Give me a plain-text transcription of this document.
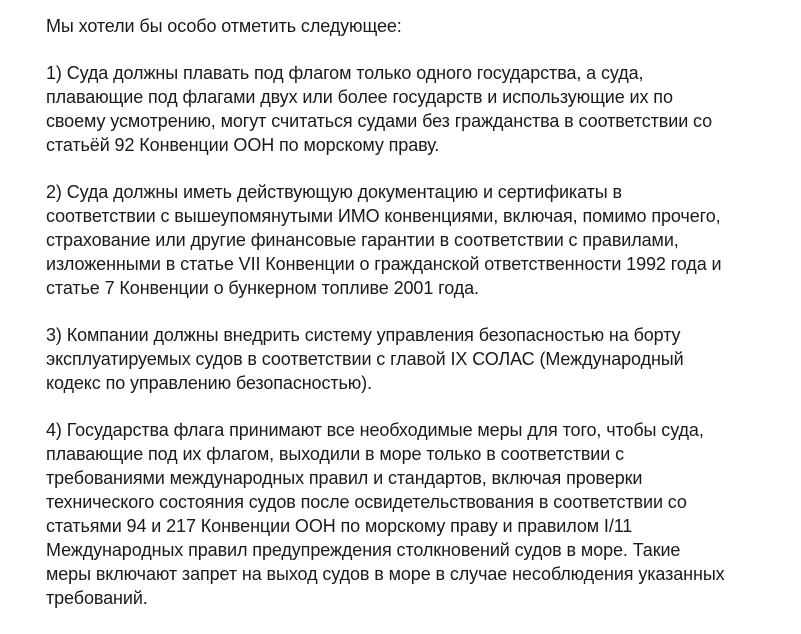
Мы хотели бы особо отметить следующее:
1) Суда должны плавать под флагом только одного государства, а суда,
плавающие под флагами двух или более государств и использующие их по
своему усмотрению, могут считаться судами без гражданства в соответствии со
статьёй 92 Конвенции ООН по морскому праву.
2) Суда должны иметь действующую документацию и сертификаты в
соответствии с вышеупомянутыми ИМО конвенциями, включая, помимо прочего,
страхование или другие финансовые гарантии в соответствии с правилами,
изложенными в статье VII Конвенции о гражданской ответственности 1992 года и
статье 7 Конвенции о бункерном топливе 2001 года.
3) Компании должны внедрить систему управления безопасностью на борту
эксплуатируемых судов в соответствии с главой IX СОЛАС (Международный
кодекс по управлению безопасностью).
4) Государства флага принимают все необходимые меры для того, чтобы суда,
плавающие под их флагом, выходили в море только в соответствии с
требованиями международных правил и стандартов, включая проверки
технического состояния судов после освидетельствования в соответствии со
статьями 94 и 217 Конвенции ООН по морскому праву и правилом I/11
Международных правил предупреждения столкновений судов в море. Такие
меры включают запрет на выход судов в море в случае несоблюдения указанных
требований.
